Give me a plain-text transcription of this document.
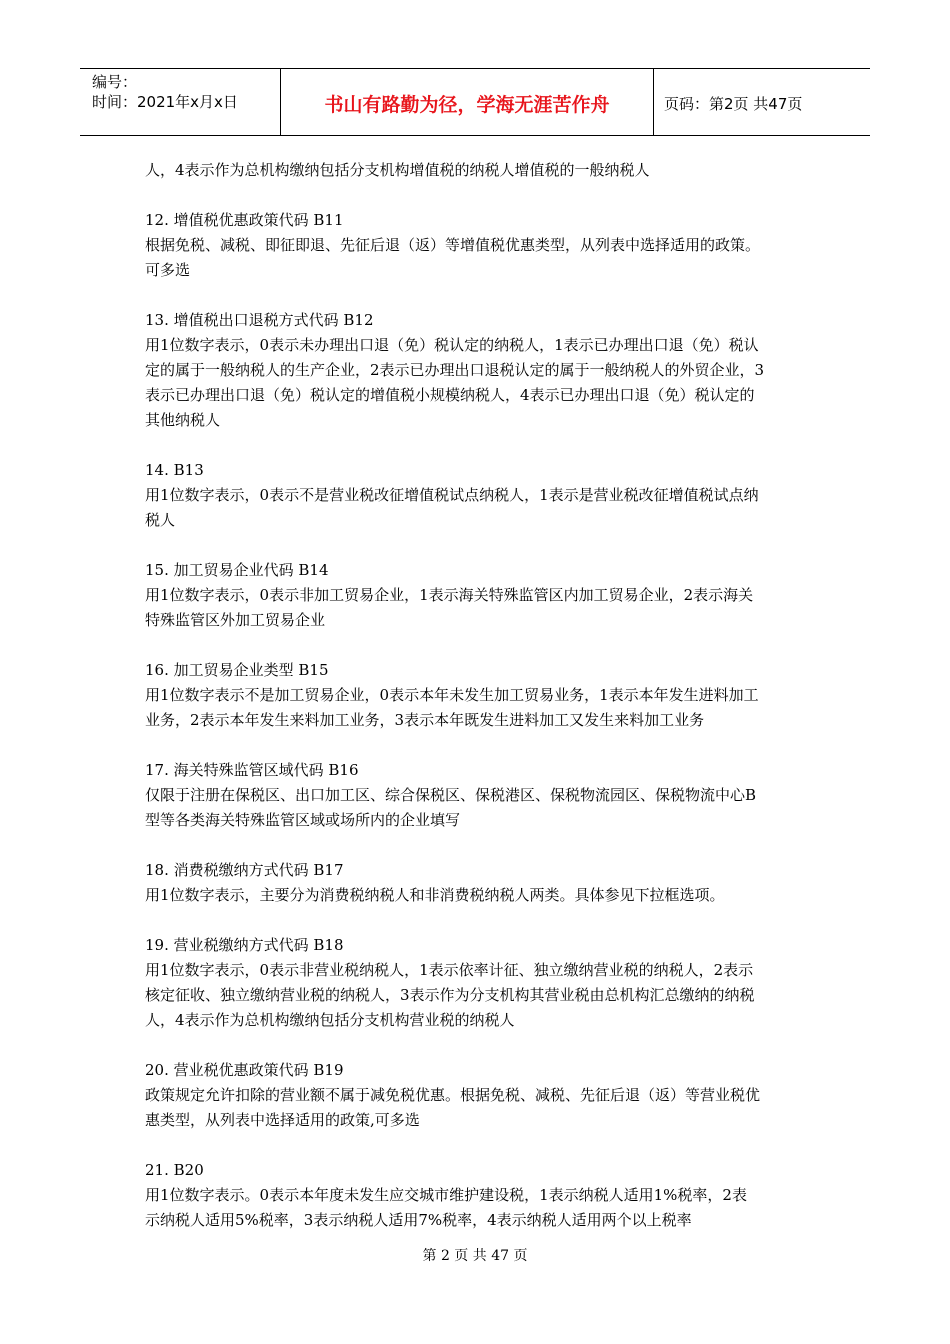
编号：
时间：2021年x月x日	书山有路勤为径，学海无涯苦作舟	页码：第2页 共47页

人，4表示作为总机构缴纳包括分支机构增值税的纳税人增值税的一般纳税人

12. 增值税优惠政策代码 B11

根据免税、减税、即征即退、先征后退（返）等增值税优惠类型，从列表中选择适用的政策。

可多选

13. 增值税出口退税方式代码 B12

用1位数字表示，0表示未办理出口退（免）税认定的纳税人，1表示已办理出口退（免）税认

定的属于一般纳税人的生产企业，2表示已办理出口退税认定的属于一般纳税人的外贸企业，3

表示已办理出口退（免）税认定的增值税小规模纳税人，4表示已办理出口退（免）税认定的

其他纳税人

14. B13

用1位数字表示，0表示不是营业税改征增值税试点纳税人，1表示是营业税改征增值税试点纳

税人

15. 加工贸易企业代码 B14

用1位数字表示，0表示非加工贸易企业，1表示海关特殊监管区内加工贸易企业，2表示海关

特殊监管区外加工贸易企业

16. 加工贸易企业类型 B15

用1位数字表示不是加工贸易企业，0表示本年未发生加工贸易业务，1表示本年发生进料加工

业务，2表示本年发生来料加工业务，3表示本年既发生进料加工又发生来料加工业务

17. 海关特殊监管区域代码 B16

仅限于注册在保税区、出口加工区、综合保税区、保税港区、保税物流园区、保税物流中心B

型等各类海关特殊监管区域或场所内的企业填写

18. 消费税缴纳方式代码 B17

用1位数字表示，主要分为消费税纳税人和非消费税纳税人两类。具体参见下拉框选项。

19. 营业税缴纳方式代码 B18

用1位数字表示，0表示非营业税纳税人，1表示依率计征、独立缴纳营业税的纳税人，2表示

核定征收、独立缴纳营业税的纳税人，3表示作为分支机构其营业税由总机构汇总缴纳的纳税

人，4表示作为总机构缴纳包括分支机构营业税的纳税人

20. 营业税优惠政策代码 B19

政策规定允许扣除的营业额不属于减免税优惠。根据免税、减税、先征后退（返）等营业税优

惠类型，从列表中选择适用的政策,可多选

21. B20

用1位数字表示。0表示本年度未发生应交城市维护建设税，1表示纳税人适用1%税率，2表

示纳税人适用5%税率，3表示纳税人适用7%税率，4表示纳税人适用两个以上税率

第 2 页 共 47 页
